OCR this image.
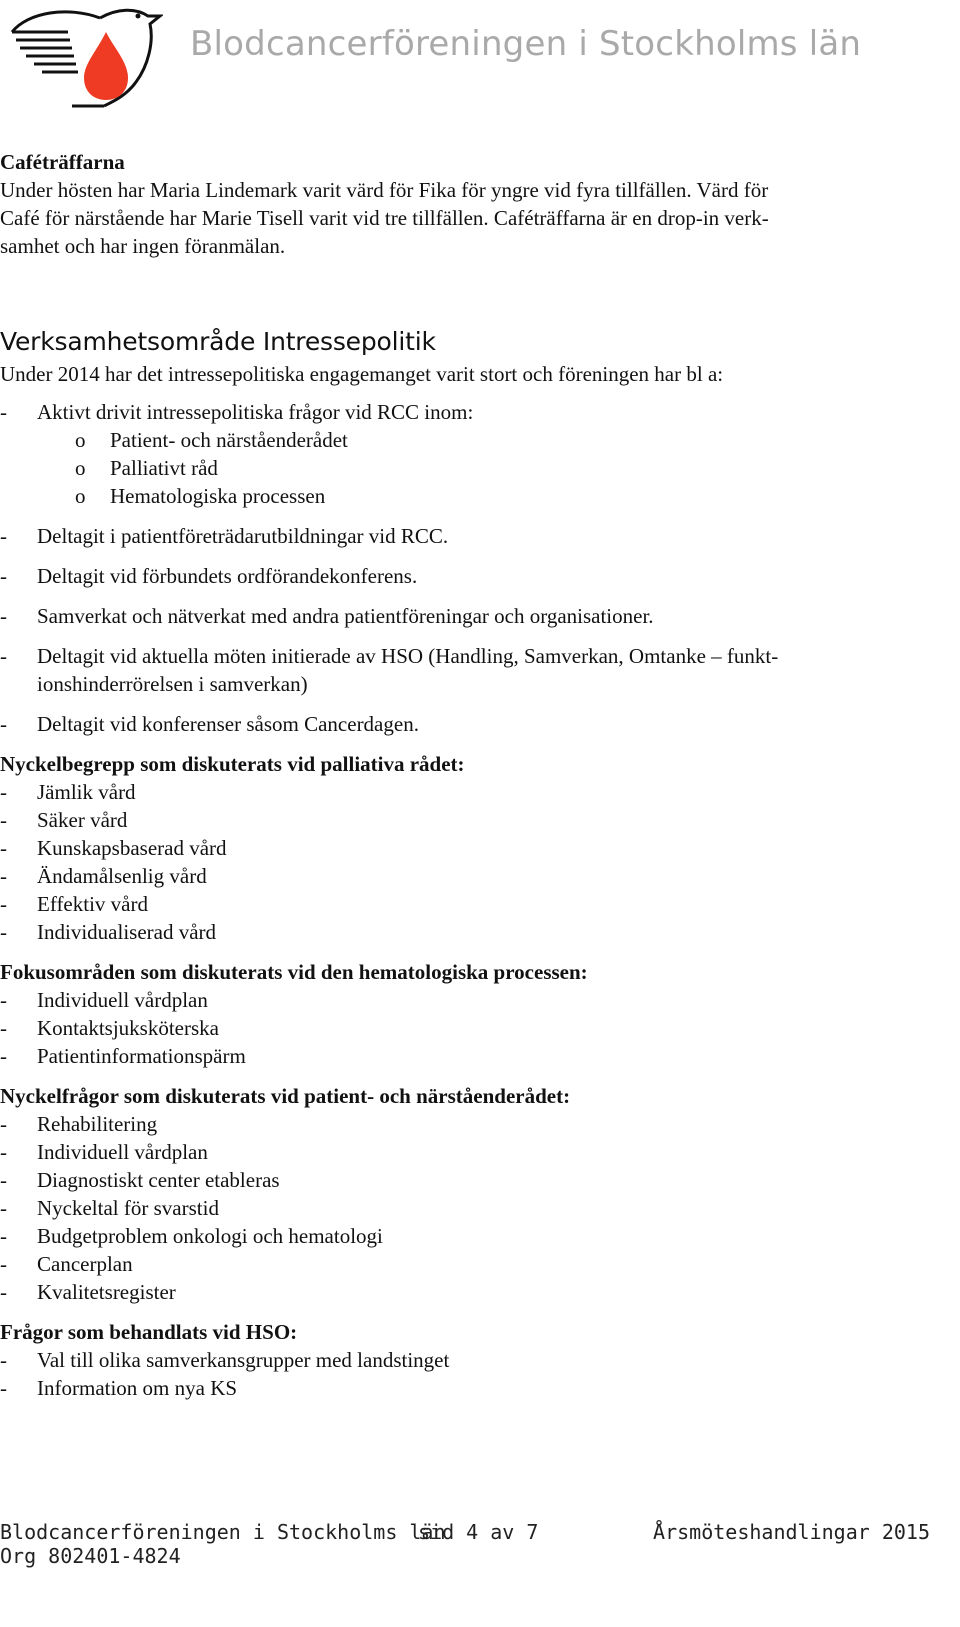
Blodcancerföreningen i Stockholms län
Caféträffarna
Under hösten har Maria Lindemark varit värd för Fika för yngre vid fyra tillfällen. Värd för
Café för närstående har Marie Tisell varit vid tre tillfällen. Caféträffarna är en drop-in verk-
samhet och har ingen föranmälan.
Verksamhetsområde Intressepolitik
Under 2014 har det intressepolitiska engagemanget varit stort och föreningen har bl a:
-	Aktivt drivit intressepolitiska frågor vid RCC inom:
o	Patient- och närståenderådet
o	Palliativt råd
o	Hematologiska processen
-	Deltagit i patientföreträdarutbildningar vid RCC.
-	Deltagit vid förbundets ordförandekonferens.
-	Samverkat och nätverkat med andra patientföreningar och organisationer.
-	Deltagit vid aktuella möten initierade av HSO (Handling, Samverkan, Omtanke – funkt-
ionshinderrörelsen i samverkan)
-	Deltagit vid konferenser såsom Cancerdagen.
Nyckelbegrepp som diskuterats vid palliativa rådet:
-	Jämlik vård
-	Säker vård
-	Kunskapsbaserad vård
-	Ändamålsenlig vård
-	Effektiv vård
-	Individualiserad vård
Fokusområden som diskuterats vid den hematologiska processen:
-	Individuell vårdplan
-	Kontaktsjuksköterska
-	Patientinformationspärm
Nyckelfrågor som diskuterats vid patient- och närståenderådet:
-	Rehabilitering
-	Individuell vårdplan
-	Diagnostiskt center etableras
-	Nyckeltal för svarstid
-	Budgetproblem onkologi och hematologi
-	Cancerplan
-	Kvalitetsregister
Frågor som behandlats vid HSO:
-	Val till olika samverkansgrupper med landstinget
-	Information om nya KS
Blodcancerföreningen i Stockholms län
sid 4 av 7	Årsmöteshandlingar 2015
Org 802401-4824
